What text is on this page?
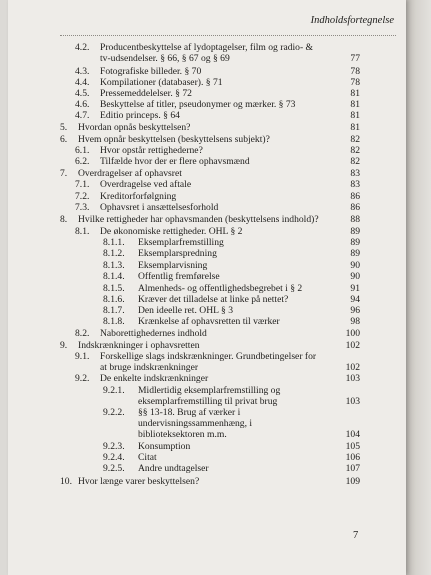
Indholdsfortegnelse
4.2. Producentbeskyttelse af lydoptagelser, film og radio- &
tv-udsendelser. § 66, § 67 og § 69	77
4.3. Fotografiske billeder. § 70	78
4.4. Kompilationer (databaser). § 71	78
4.5. Pressemeddelelser. § 72	81
4.6. Beskyttelse af titler, pseudonymer og mærker. § 73	81
4.7. Editio princeps. § 64	81
5. Hvordan opnås beskyttelsen?	81
6. Hvem opnår beskyttelsen (beskyttelsens subjekt)?	82
6.1. Hvor opstår rettighederne?	82
6.2. Tilfælde hvor der er flere ophavsmænd	82
7. Overdragelser af ophavsret	83
7.1. Overdragelse ved aftale	83
7.2. Kreditorforfølgning	86
7.3. Ophavsret i ansættelsesforhold	86
8. Hvilke rettigheder har ophavsmanden (beskyttelsens indhold)?	88
8.1. De økonomiske rettigheder. OHL § 2	89
8.1.1. Eksemplarfremstilling	89
8.1.2. Eksemplarspredning	89
8.1.3. Eksemplarvisning	90
8.1.4. Offentlig fremførelse	90
8.1.5. Almenheds- og offentlighedsbegrebet i § 2	91
8.1.6. Kræver det tilladelse at linke på nettet?	94
8.1.7. Den ideelle ret. OHL § 3	96
8.1.8. Krænkelse af ophavsretten til værker	98
8.2. Naborettighedernes indhold	100
9. Indskrænkninger i ophavsretten	102
9.1. Forskellige slags indskrænkninger. Grundbetingelser for
at bruge indskrænkninger	102
9.2. De enkelte indskrænkninger	103
9.2.1. Midlertidig eksemplarfremstilling og
eksemplarfremstilling til privat brug	103
9.2.2. §§ 13-18. Brug af værker i
undervisningssammenhæng, i
biblioteksektoren m.m.	104
9.2.3. Konsumption	105
9.2.4. Citat	106
9.2.5. Andre undtagelser	107
10. Hvor længe varer beskyttelsen?	109
7
